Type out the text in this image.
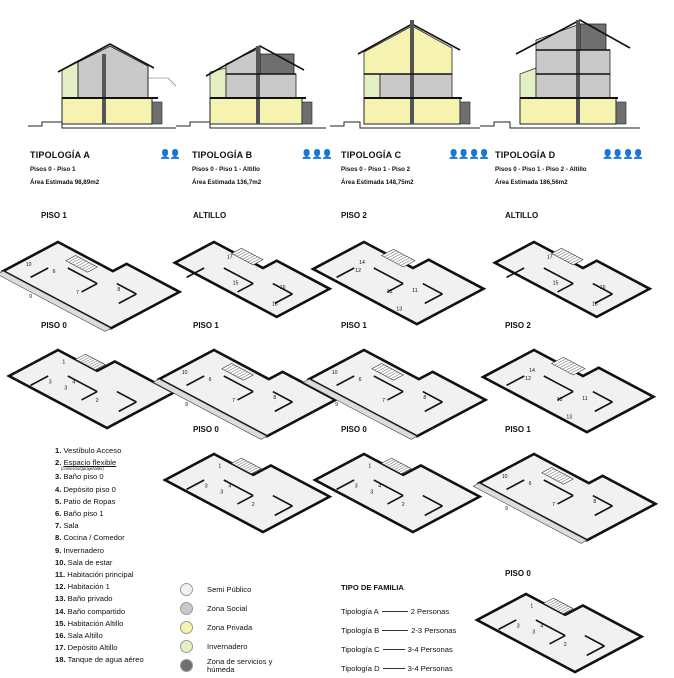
TIPOLOGÍA A	👤👤
Pisos 0 - Piso 1
Área Estimada 98,89m2
TIPOLOGÍA B	👤👤👤
Pisos 0 - Piso 1 - Altillo
Área Estimada 136,7m2
TIPOLOGÍA C	👤👤👤👤
Pisos 0 - Piso 1 - Piso 2
Área Estimada 148,75m2
TIPOLOGÍA D	👤👤👤👤
Pisos 0 - Piso 1 - Piso 2 - Altillo
Área Estimada 186,56m2
PISO 1
PISO 0
ALTILLO
PISO 1
PISO 0
PISO 2
PISO 1
PISO 0
ALTILLO
PISO 2
PISO 1
PISO 0
6
10
8
7
9
1
4
3
3
2
17
16
15
18
6
10
8
7
9
1
4
3
3
2
14
12
11
13
13
6
10
8
7
9
1
4
3
3
2
17
16
15
18
14
12
11
13
13
6
10
8
7
9
1
4
3
3
2
1. Vestíbulo Acceso
2. Espacio flexible
(comercio/garaje/taller)
3. Baño piso 0
4. Depósito piso 0
5. Patio de Ropas
6. Baño piso 1
7. Sala
8. Cocina / Comedor
9. Invernadero
10. Sala de estar
11. Habitación principal
12. Habitación 1
13. Baño privado
14. Baño compartido
15. Habitación Altillo
16. Sala Altillo
17. Depósito Altillo
18. Tanque de agua aéreo
Semi Público
Zona Social
Zona Privada
Invernadero
Zona de servicios y húmeda
TIPO DE FAMILIA
Tipología A	2 Personas
Tipología B	2-3 Personas
Tipología C	3-4 Personas
Tipología D	3-4 Personas
